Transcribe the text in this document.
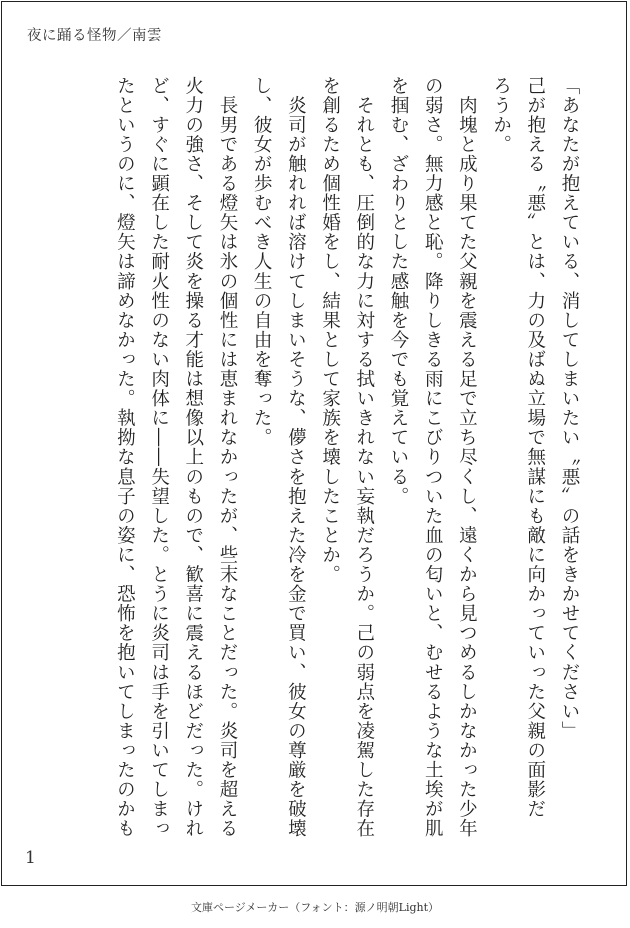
夜に踊る怪物／南雲
「あなたが抱えている、消してしまいたい〝悪〟の話をきかせてください」
己が抱える〝悪〟とは、力の及ばぬ立場で無謀にも敵に向かっていった父親の面影だ
ろうか。
　肉塊と成り果てた父親を震える足で立ち尽くし、遠くから見つめるしかなかった少年
の弱さ。無力感と恥。降りしきる雨にこびりついた血の匂いと、むせるような土埃が肌
を掴む、ざわりとした感触を今でも覚えている。
　それとも、圧倒的な力に対する拭いきれない妄執だろうか。己の弱点を凌駕した存在
を創るため個性婚をし、結果として家族を壊したことか。
　炎司が触れれば溶けてしまいそうな、儚さを抱えた冷を金で買い、彼女の尊厳を破壊
し、彼女が歩むべき人生の自由を奪った。
　長男である燈矢は氷の個性には恵まれなかったが、些末なことだった。炎司を超える
火力の強さ、そして炎を操る才能は想像以上のもので、歓喜に震えるほどだった。けれ
ど、すぐに顕在した耐火性のない肉体に――失望した。とうに炎司は手を引いてしまっ
たというのに、燈矢は諦めなかった。執拗な息子の姿に、恐怖を抱いてしまったのかも
1
文庫ページメーカー（フォント：源ノ明朝Light）
